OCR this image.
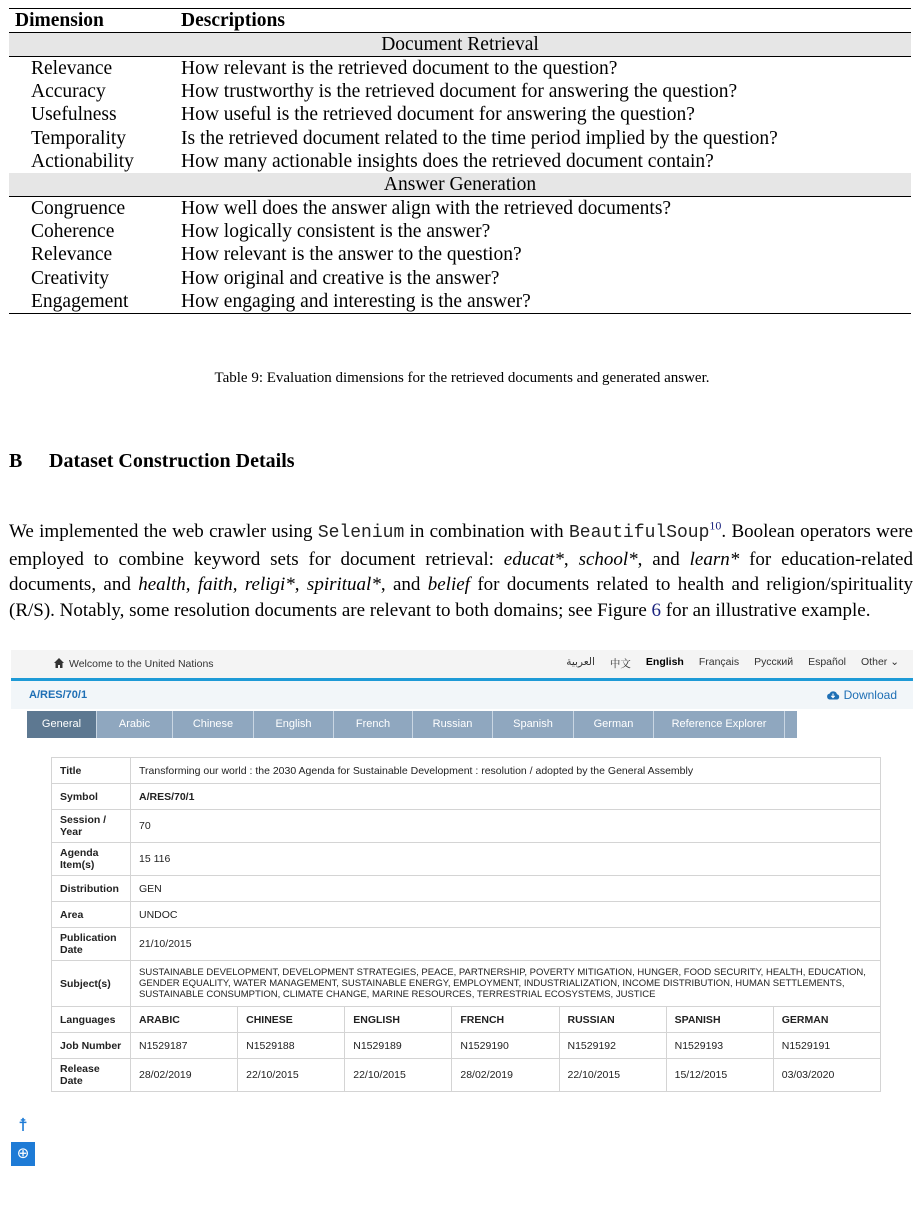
Dimension	Descriptions
Document Retrieval	
Relevance	How relevant is the retrieved document to the question?
Accuracy	How trustworthy is the retrieved document for answering the question?
Usefulness	How useful is the retrieved document for answering the question?
Temporality	Is the retrieved document related to the time period implied by the question?
Actionability	How many actionable insights does the retrieved document contain?
Answer Generation	
Congruence	How well does the answer align with the retrieved documents?
Coherence	How logically consistent is the answer?
Relevance	How relevant is the answer to the question?
Creativity	How original and creative is the answer?
Engagement	How engaging and interesting is the answer?
Table 9: Evaluation dimensions for the retrieved documents and generated answer.
B Dataset Construction Details

We implemented the web crawler using Selenium in combination with BeautifulSoup$^{10}$. Boolean operators were employed to combine keyword sets for document retrieval: educat*, school*, and learn* for education-related documents, and health, faith, religi*, spiritual*, and belief for documents related to health and religion/spirituality (R/S). Notably, some resolution documents are relevant to both domains; see Figure 6 for an illustrative example.

Welcome to the United Nations	العربية 中文 English Français Русский Español Other ⌄
A/RES/70/1	Download
General	Arabic	Chinese	English	French	Russian	Spanish	German	Reference Explorer
Title	Transforming our world : the 2030 Agenda for Sustainable Development : resolution / adopted by the General Assembly						
Symbol	A/RES/70/1						
Session / Year	70						
Agenda Item(s)	15 116						
Distribution	GEN						
Area	UNDOC						
Publication Date	21/10/2015						
Subject(s)	SUSTAINABLE DEVELOPMENT, DEVELOPMENT STRATEGIES, PEACE, PARTNERSHIP, POVERTY MITIGATION, HUNGER, FOOD SECURITY, HEALTH, EDUCATION, GENDER EQUALITY, WATER MANAGEMENT, SUSTAINABLE ENERGY, EMPLOYMENT, INDUSTRIALIZATION, INCOME DISTRIBUTION, HUMAN SETTLEMENTS, SUSTAINABLE CONSUMPTION, CLIMATE CHANGE, MARINE RESOURCES, TERRESTRIAL ECOSYSTEMS, JUSTICE						
Languages	ARABIC	CHINESE	ENGLISH	FRENCH	RUSSIAN	SPANISH	GERMAN
Job Number	N1529187	N1529188	N1529189	N1529190	N1529192	N1529193	N1529191
Release Date	28/02/2019	22/10/2015	22/10/2015	28/02/2019	22/10/2015	15/12/2015	03/03/2020
☨
⊕
